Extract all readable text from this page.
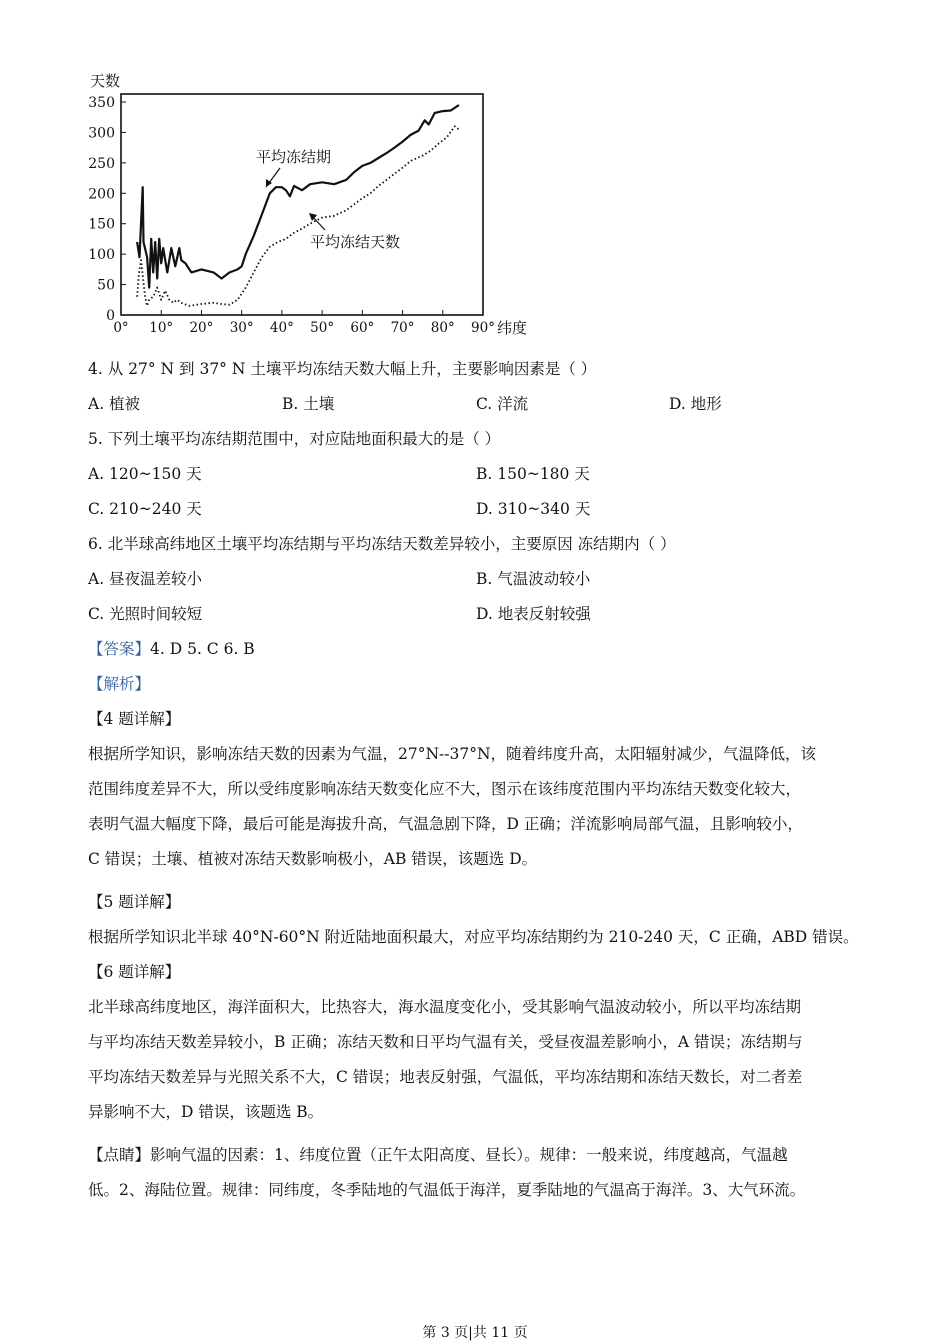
天数
0
50
100
150
200
250
300
350
0° 10° 20° 30° 40° 50° 60° 70° 80° 90° 纬度
平均冻结期
平均冻结天数
4. 从 27° N 到 37° N 土壤平均冻结天数大幅上升，主要影响因素是（ ）
A. 植被	B. 土壤	C. 洋流	D. 地形
5. 下列土壤平均冻结期范围中，对应陆地面积最大的是（ ）
A. 120~150 天	B. 150~180 天
C. 210~240 天	D. 310~340 天
6. 北半球高纬地区土壤平均冻结期与平均冻结天数差异较小，主要原因 冻结期内（ ）
A. 昼夜温差较小	B. 气温波动较小
C. 光照时间较短	D. 地表反射较强
【答案】4. D 5. C 6. B
【解析】
【4 题详解】

根据所学知识，影响冻结天数的因素为气温，27°N--37°N，随着纬度升高，太阳辐射减少，气温降低，该

范围纬度差异不大，所以受纬度影响冻结天数变化应不大，图示在该纬度范围内平均冻结天数变化较大，

表明气温大幅度下降，最后可能是海拔升高，气温急剧下降，D 正确；洋流影响局部气温，且影响较小，

C 错误；土壤、植被对冻结天数影响极小，AB 错误，该题选 D。

【5 题详解】

根据所学知识北半球 40°N-60°N 附近陆地面积最大，对应平均冻结期约为 210-240 天，C 正确，ABD 错误。

【6 题详解】

北半球高纬度地区，海洋面积大，比热容大，海水温度变化小，受其影响气温波动较小，所以平均冻结期

与平均冻结天数差异较小，B 正确；冻结天数和日平均气温有关，受昼夜温差影响小，A 错误；冻结期与

平均冻结天数差异与光照关系不大，C 错误；地表反射强，气温低，平均冻结期和冻结天数长，对二者差

异影响不大，D 错误，该题选 B。

【点睛】影响气温的因素：1、纬度位置（正午太阳高度、昼长）。规律：一般来说，纬度越高，气温越

低。2、海陆位置。规律：同纬度，冬季陆地的气温低于海洋，夏季陆地的气温高于海洋。3、大气环流。

第 3 页|共 11 页
